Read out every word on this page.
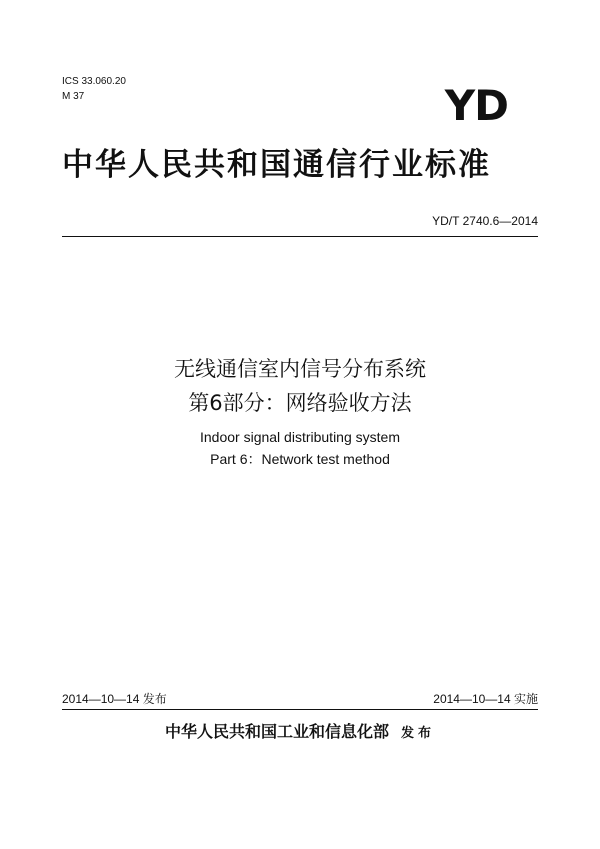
ICS 33.060.20
M 37	YD
中华人民共和国通信行业标准
YD/T 2740.6—2014
无线通信室内信号分布系统
第6部分：网络验收方法
Indoor signal distributing system
Part 6：Network test method
2014—10—14 发布	2014—10—14 实施
中华人民共和国工业和信息化部 发布
